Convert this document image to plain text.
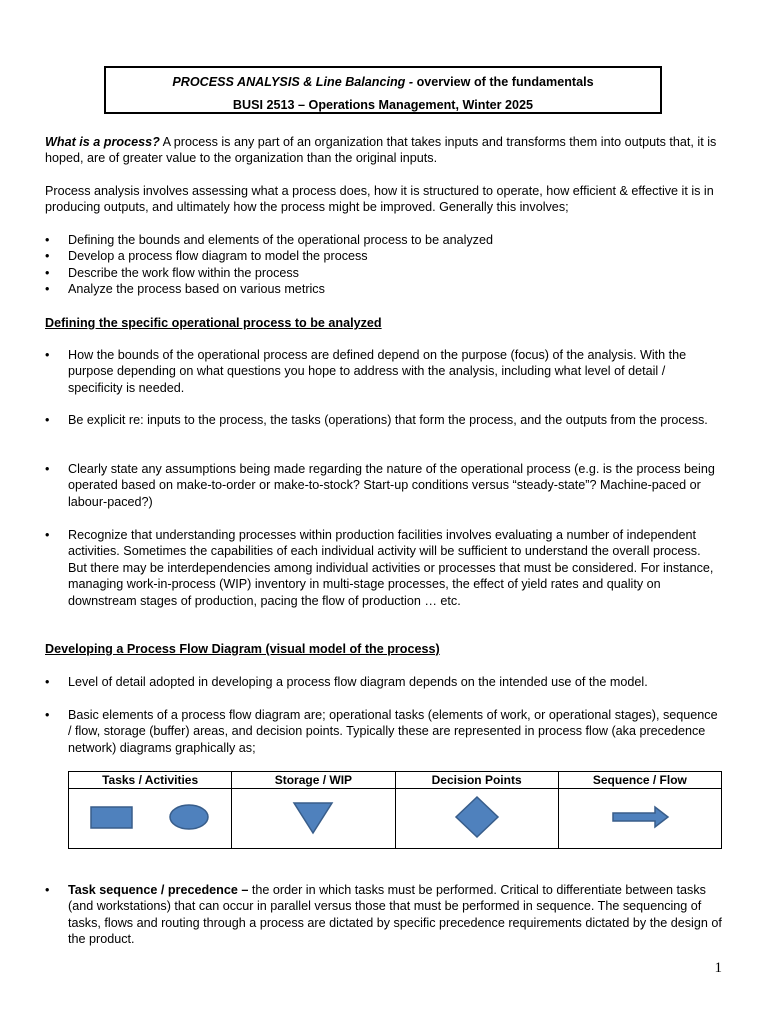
PROCESS ANALYSIS & Line Balancing - overview of the fundamentals
BUSI 2513 – Operations Management, Winter 2025
What is a process? A process is any part of an organization that takes inputs and transforms them into outputs that, it is hoped, are of greater value to the organization than the original inputs.
Process analysis involves assessing what a process does, how it is structured to operate, how efficient & effective it is in producing outputs, and ultimately how the process might be improved. Generally this involves;
•	Defining the bounds and elements of the operational process to be analyzed
•	Develop a process flow diagram to model the process
•	Describe the work flow within the process
•	Analyze the process based on various metrics
Defining the specific operational process to be analyzed
•	How the bounds of the operational process are defined depend on the purpose (focus) of the analysis. With the purpose depending on what questions you hope to address with the analysis, including what level of detail / specificity is needed.
•	Be explicit re: inputs to the process, the tasks (operations) that form the process, and the outputs from the process.
•	Clearly state any assumptions being made regarding the nature of the operational process (e.g. is the process being operated based on make-to-order or make-to-stock? Start-up conditions versus “steady-state”? Machine-paced or labour-paced?)
•	Recognize that understanding processes within production facilities involves evaluating a number of independent activities. Sometimes the capabilities of each individual activity will be sufficient to understand the overall process. But there may be interdependencies among individual activities or processes that must be considered. For instance, managing work-in-process (WIP) inventory in multi-stage processes, the effect of yield rates and quality on downstream stages of production, pacing the flow of production … etc.
Developing a Process Flow Diagram (visual model of the process)
•	Level of detail adopted in developing a process flow diagram depends on the intended use of the model.
•	Basic elements of a process flow diagram are; operational tasks (elements of work, or operational stages), sequence / flow, storage (buffer) areas, and decision points. Typically these are represented in process flow (aka precedence network) diagrams graphically as;
Tasks / Activities	Storage / WIP	Decision Points	Sequence / Flow

•	Task sequence / precedence – the order in which tasks must be performed. Critical to differentiate between tasks (and workstations) that can occur in parallel versus those that must be performed in sequence. The sequencing of tasks, flows and routing through a process are dictated by specific precedence requirements dictated by the design of the product.
1
